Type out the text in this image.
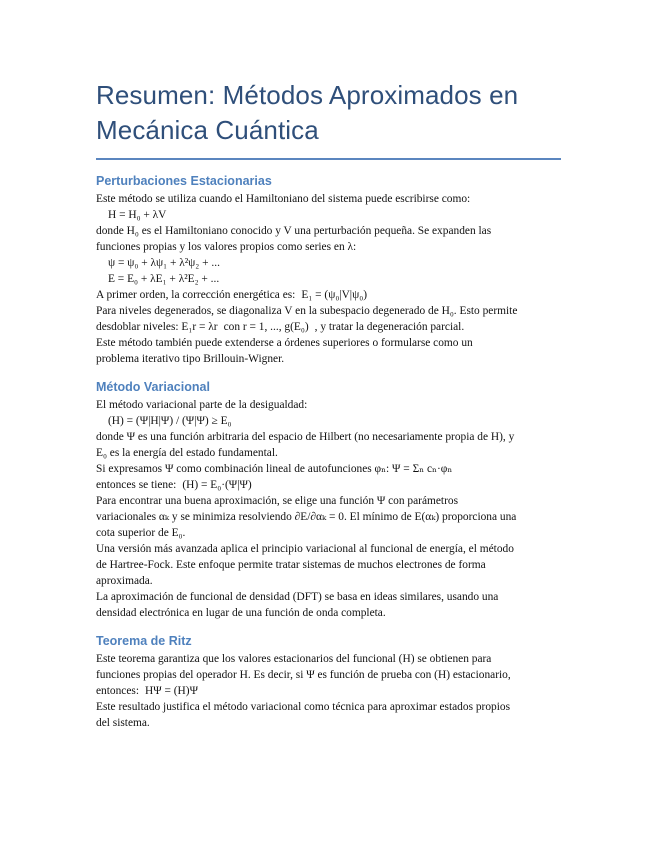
Resumen: Métodos Aproximados en
Mecánica Cuántica
Perturbaciones Estacionarias
Este método se utiliza cuando el Hamiltoniano del sistema puede escribirse como:
H = H₀ + λV
donde H₀ es el Hamiltoniano conocido y V una perturbación pequeña. Se expanden las
funciones propias y los valores propios como series en λ:
ψ = ψ₀ + λψ₁ + λ²ψ₂ + ...
E = E₀ + λE₁ + λ²E₂ + ...
A primer orden, la corrección energética es: E₁ = (ψ₀|V|ψ₀)
Para niveles degenerados, se diagonaliza V en la subespacio degenerado de H₀. Esto permite
desdoblar niveles: E₁r = λr con r = 1, ..., g(E₀) , y tratar la degeneración parcial.
Este método también puede extenderse a órdenes superiores o formularse como un
problema iterativo tipo Brillouin-Wigner.
Método Variacional
El método variacional parte de la desigualdad:
(H) = (Ψ|H|Ψ) / (Ψ|Ψ) ≥ E₀
donde Ψ es una función arbitraria del espacio de Hilbert (no necesariamente propia de H), y
E₀ es la energía del estado fundamental.
Si expresamos Ψ como combinación lineal de autofunciones φₙ: Ψ = Σₙ cₙ·φₙ
entonces se tiene: (H) = E₀·(Ψ|Ψ)
Para encontrar una buena aproximación, se elige una función Ψ con parámetros
variacionales αₖ y se minimiza resolviendo ∂E/∂αₖ = 0. El mínimo de E(αₖ) proporciona una
cota superior de E₀.
Una versión más avanzada aplica el principio variacional al funcional de energía, el método
de Hartree-Fock. Este enfoque permite tratar sistemas de muchos electrones de forma
aproximada.
La aproximación de funcional de densidad (DFT) se basa en ideas similares, usando una
densidad electrónica en lugar de una función de onda completa.
Teorema de Ritz
Este teorema garantiza que los valores estacionarios del funcional (H) se obtienen para
funciones propias del operador H. Es decir, si Ψ es función de prueba con (H) estacionario,
entonces: HΨ = (H)Ψ
Este resultado justifica el método variacional como técnica para aproximar estados propios
del sistema.
